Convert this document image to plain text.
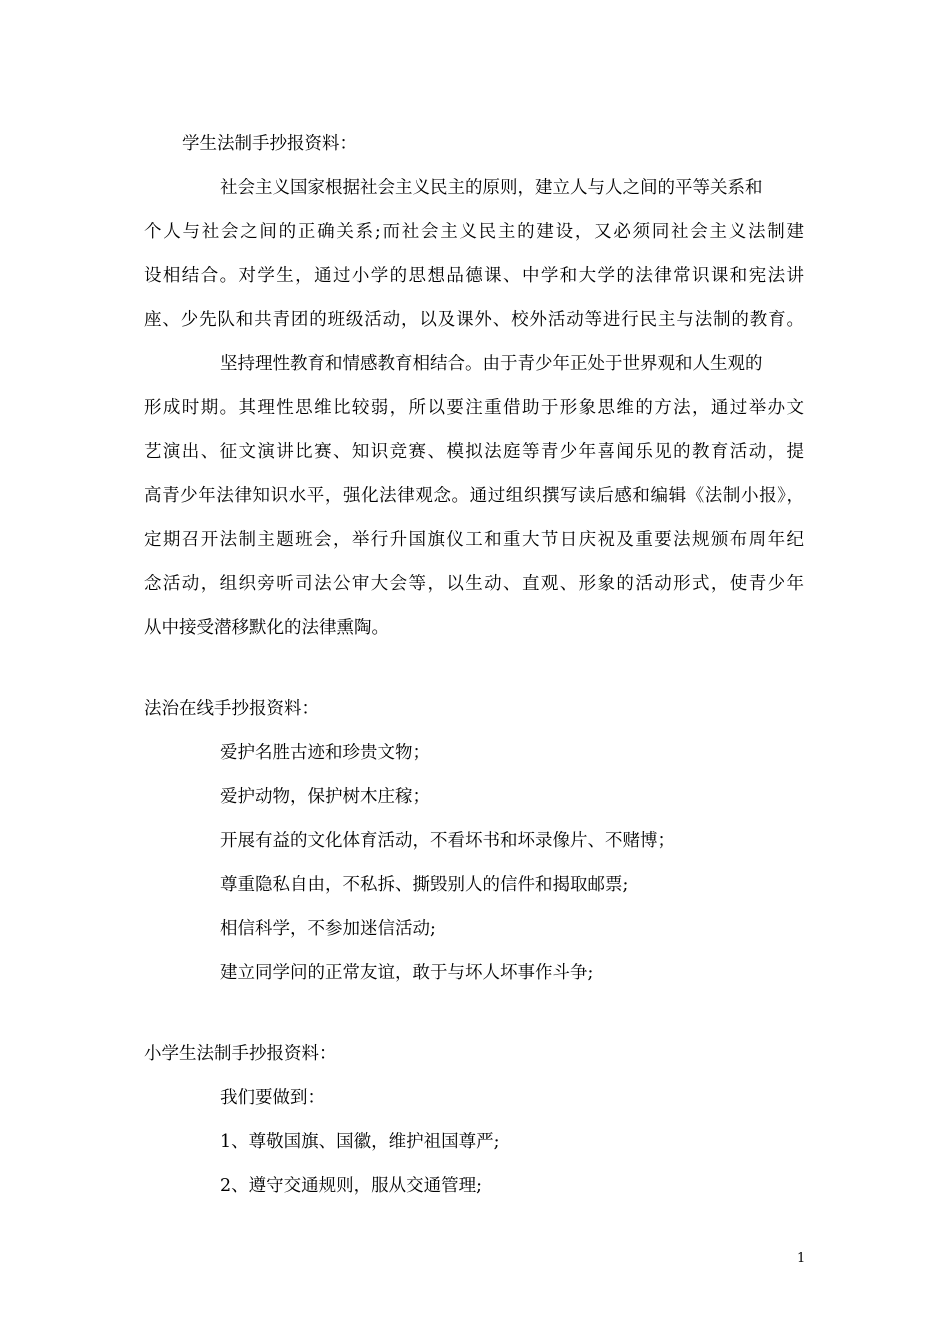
学生法制手抄报资料：
社会主义国家根据社会主义民主的原则，建立人与人之间的平等关系和
个人与社会之间的正确关系;而社会主义民主的建设，又必须同社会主义法制建
设相结合。对学生，通过小学的思想品德课、中学和大学的法律常识课和宪法讲
座、少先队和共青团的班级活动，以及课外、校外活动等进行民主与法制的教育。
坚持理性教育和情感教育相结合。由于青少年正处于世界观和人生观的
形成时期。其理性思维比较弱，所以要注重借助于形象思维的方法，通过举办文
艺演出、征文演讲比赛、知识竞赛、模拟法庭等青少年喜闻乐见的教育活动，提
高青少年法律知识水平，强化法律观念。通过组织撰写读后感和编辑《法制小报》，
定期召开法制主题班会，举行升国旗仪工和重大节日庆祝及重要法规颁布周年纪
念活动，组织旁听司法公审大会等，以生动、直观、形象的活动形式，使青少年
从中接受潜移默化的法律熏陶。
法治在线手抄报资料：
爱护名胜古迹和珍贵文物；
爱护动物，保护树木庄稼；
开展有益的文化体育活动，不看坏书和坏录像片、不赌博；
尊重隐私自由，不私拆、撕毁别人的信件和揭取邮票;
相信科学，不参加迷信活动;
建立同学问的正常友谊，敢于与坏人坏事作斗争;
小学生法制手抄报资料：
我们要做到：
1、尊敬国旗、国徽，维护祖国尊严;
2、遵守交通规则，服从交通管理;
1
